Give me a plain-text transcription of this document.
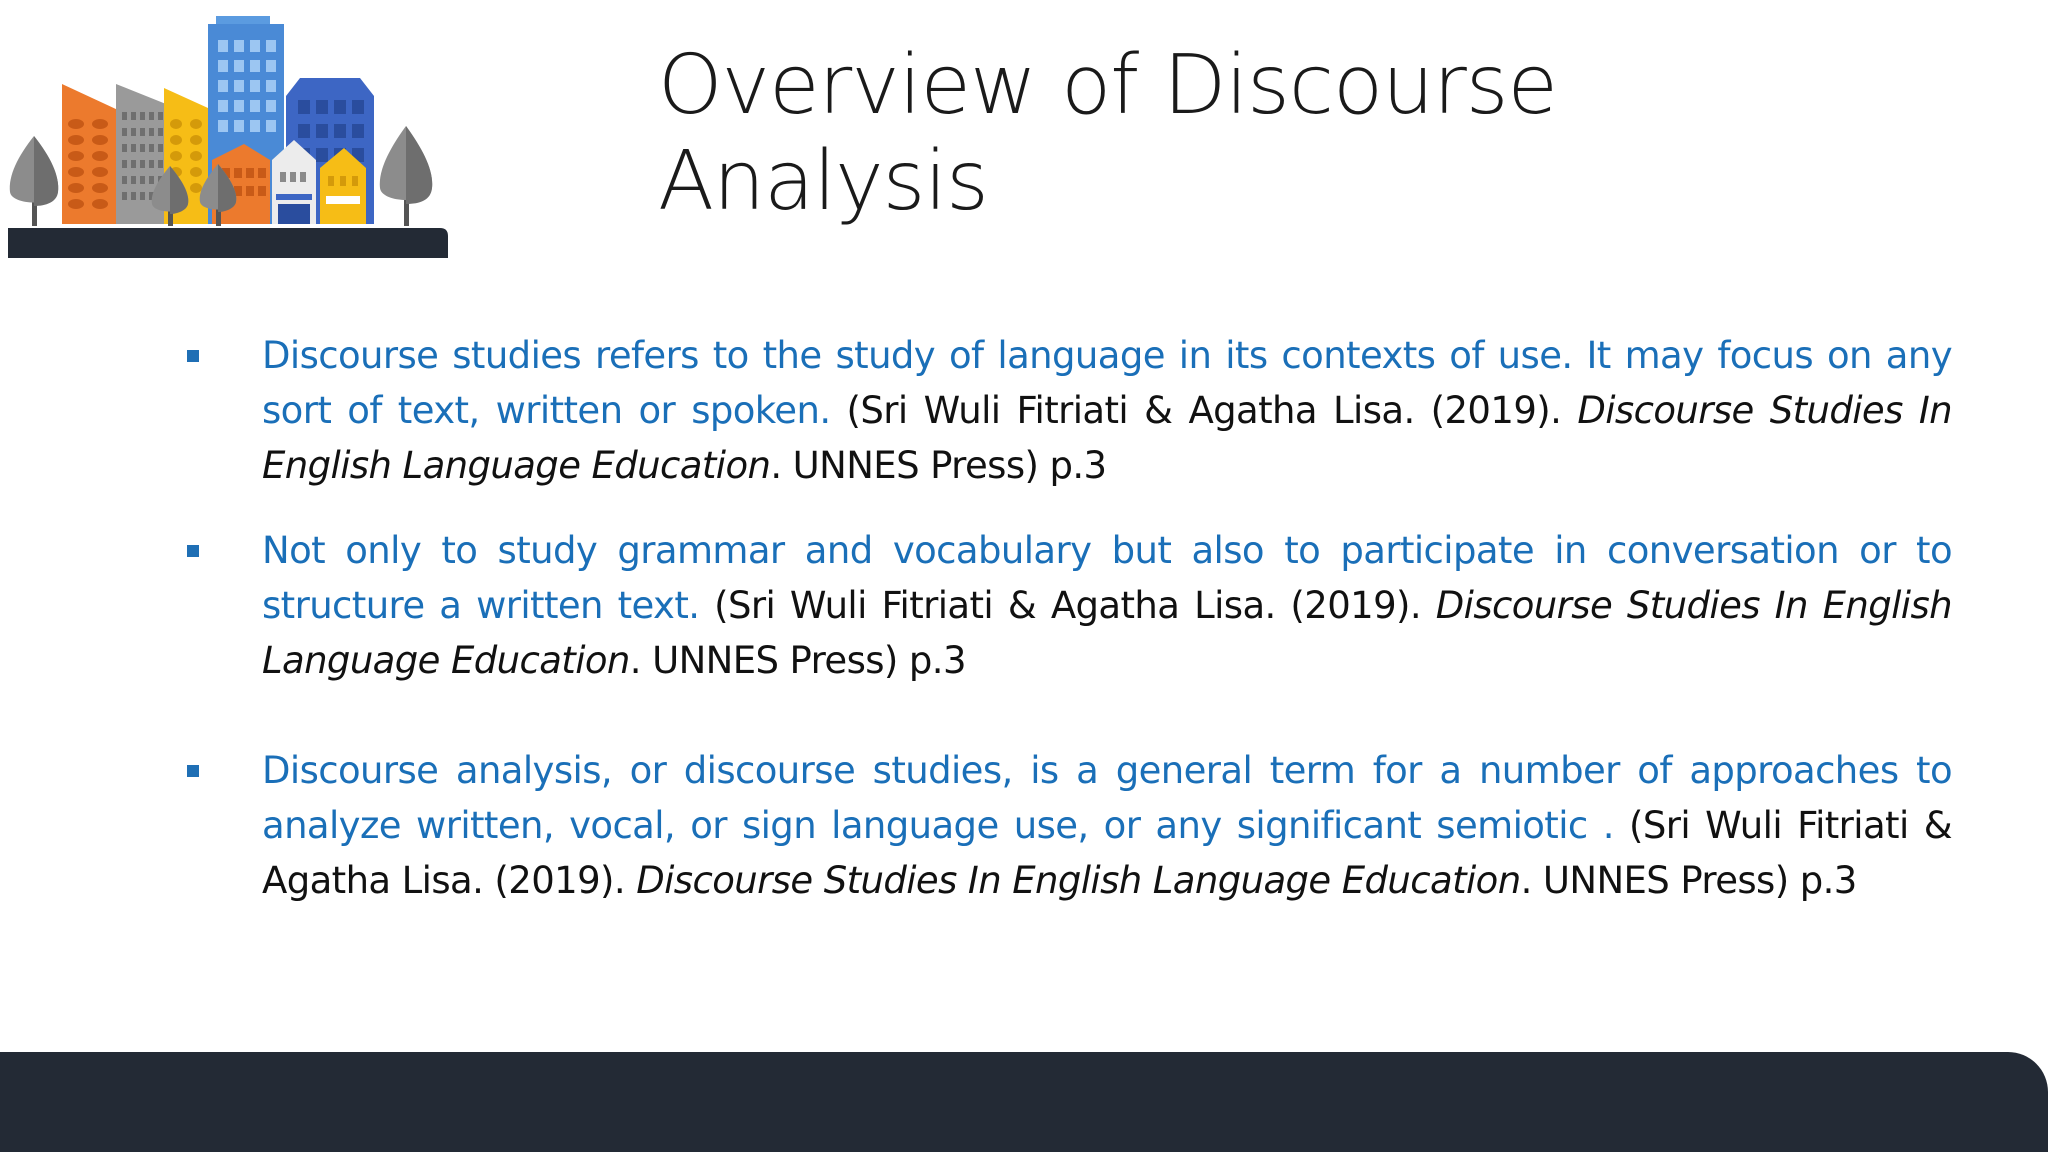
Overview of Discourse
Analysis
Discourse studies refers to the study of language in its contexts of use. It may focus on any sort of text, written or spoken. (Sri Wuli Fitriati & Agatha Lisa. (2019). Discourse Studies In English Language Education. UNNES Press) p.3
Not only to study grammar and vocabulary but also to participate in conversation or to structure a written text. (Sri Wuli Fitriati & Agatha Lisa. (2019). Discourse Studies In English Language Education. UNNES Press) p.3
Discourse analysis, or discourse studies, is a general term for a number of approaches to analyze written, vocal, or sign language use, or any significant semiotic . (Sri Wuli Fitriati & Agatha Lisa. (2019). Discourse Studies In English Language Education. UNNES Press) p.3
